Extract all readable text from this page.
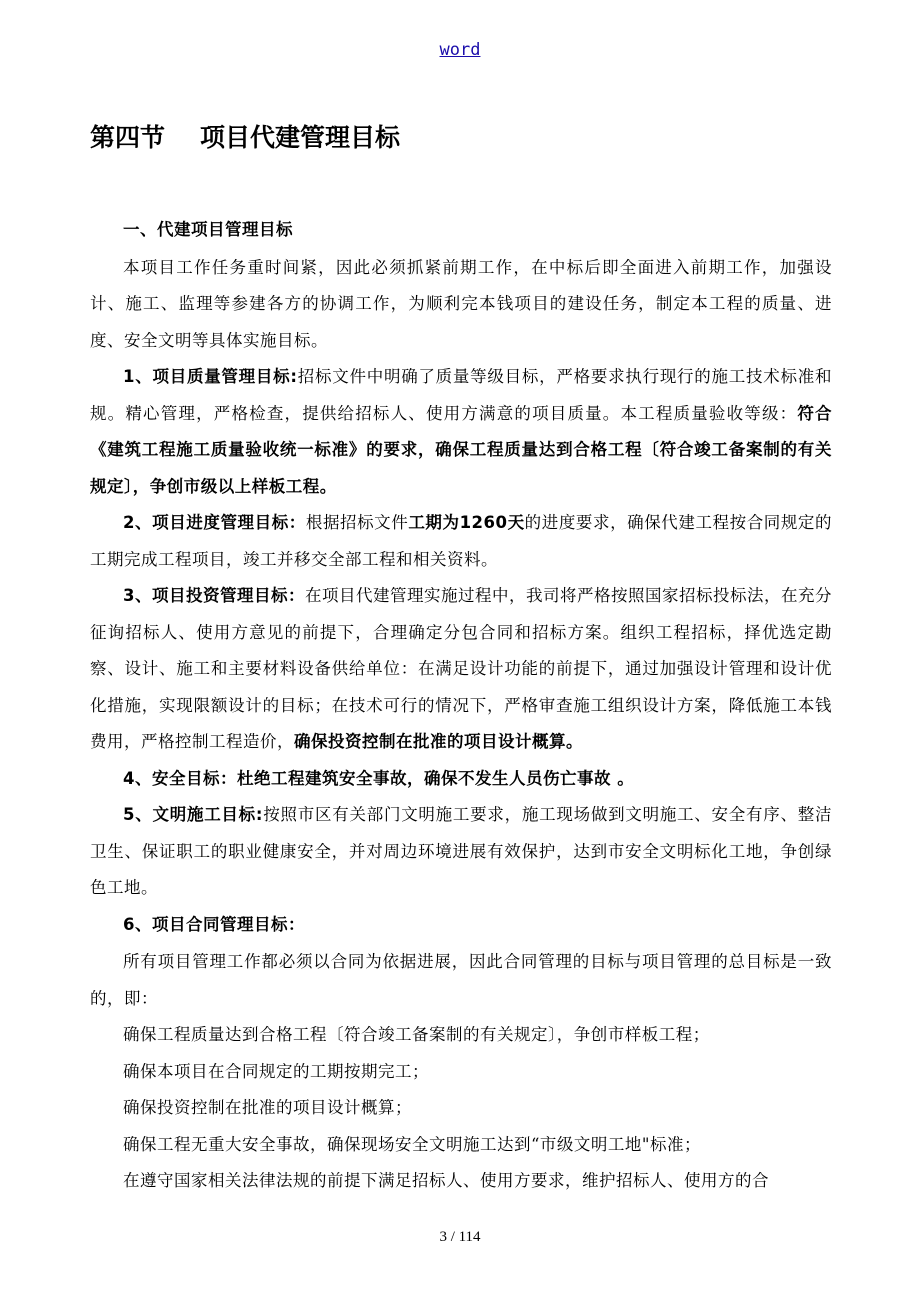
word
第四节 项目代建管理目标

一、代建项目管理目标

本项目工作任务重时间紧，因此必须抓紧前期工作，在中标后即全面进入前期工作，加强设计、施工、监理等参建各方的协调工作，为顺利完本钱项目的建设任务，制定本工程的质量、进度、安全文明等具体实施目标。

1、项目质量管理目标:招标文件中明确了质量等级目标，严格要求执行现行的施工技术标准和规。精心管理，严格检查，提供给招标人、使用方满意的项目质量。本工程质量验收等级：符合《建筑工程施工质量验收统一标准》的要求，确保工程质量达到合格工程〔符合竣工备案制的有关规定〕，争创市级以上样板工程。

2、项目进度管理目标：根据招标文件工期为1260天的进度要求，确保代建工程按合同规定的工期完成工程项目，竣工并移交全部工程和相关资料。

3、项目投资管理目标：在项目代建管理实施过程中，我司将严格按照国家招标投标法，在充分征询招标人、使用方意见的前提下，合理确定分包合同和招标方案。组织工程招标，择优选定勘察、设计、施工和主要材料设备供给单位：在满足设计功能的前提下，通过加强设计管理和设计优化措施，实现限额设计的目标；在技术可行的情况下，严格审查施工组织设计方案，降低施工本钱费用，严格控制工程造价，确保投资控制在批准的项目设计概算。

4、安全目标：杜绝工程建筑安全事故，确保不发生人员伤亡事故 。

5、文明施工目标:按照市区有关部门文明施工要求，施工现场做到文明施工、安全有序、整洁卫生、保证职工的职业健康安全，并对周边环境进展有效保护，达到市安全文明标化工地，争创绿色工地。

6、项目合同管理目标：

所有项目管理工作都必须以合同为依据进展，因此合同管理的目标与项目管理的总目标是一致的，即：

确保工程质量达到合格工程〔符合竣工备案制的有关规定〕，争创市样板工程；

确保本项目在合同规定的工期按期完工；

确保投资控制在批准的项目设计概算；

确保工程无重大安全事故，确保现场安全文明施工达到“市级文明工地"标准；

在遵守国家相关法律法规的前提下满足招标人、使用方要求，维护招标人、使用方的合

3 / 114
